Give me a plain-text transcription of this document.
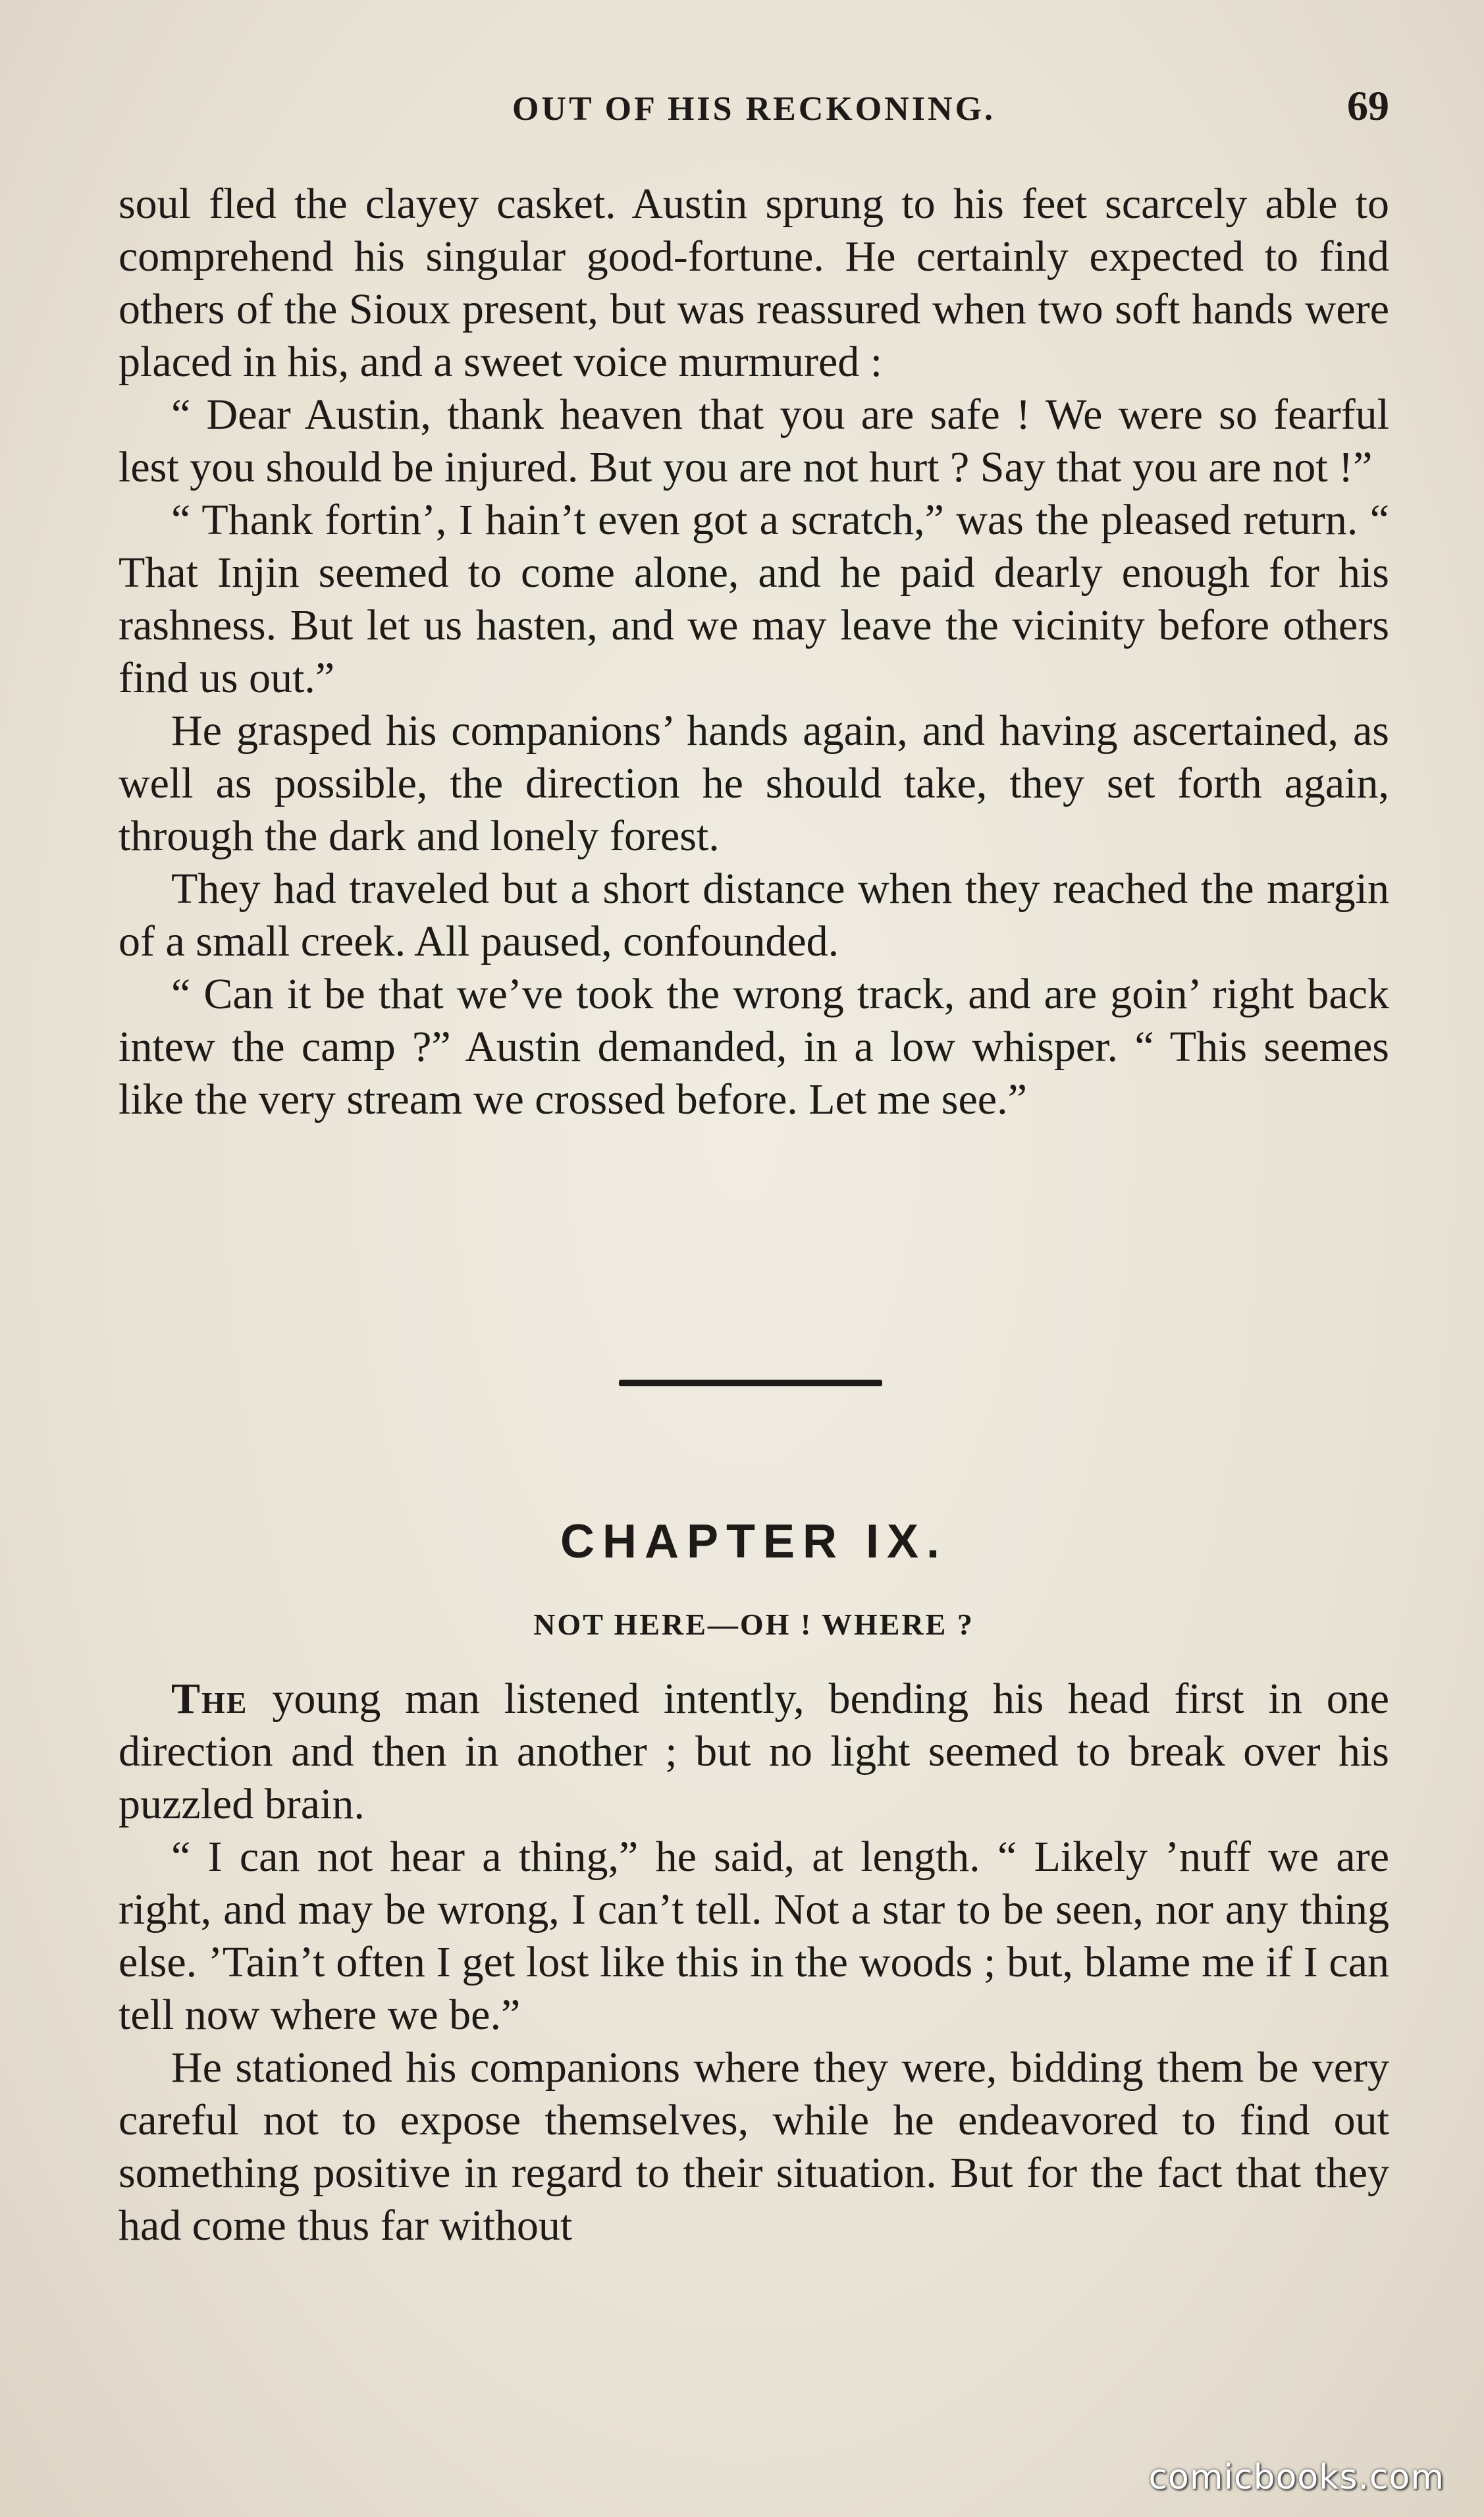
OUT OF HIS RECKONING.	69

soul fled the clayey casket. Austin sprung to his feet scarcely able to comprehend his singular good-fortune. He certainly expected to find others of the Sioux present, but was reassured when two soft hands were placed in his, and a sweet voice murmured :

“ Dear Austin, thank heaven that you are safe ! We were so fearful lest you should be injured. But you are not hurt ? Say that you are not !”

“ Thank fortin’, I hain’t even got a scratch,” was the pleased return. “ That Injin seemed to come alone, and he paid dearly enough for his rashness. But let us hasten, and we may leave the vicinity before others find us out.”

He grasped his companions’ hands again, and having ascertained, as well as possible, the direction he should take, they set forth again, through the dark and lonely forest.

They had traveled but a short distance when they reached the margin of a small creek. All paused, confounded.

“ Can it be that we’ve took the wrong track, and are goin’ right back intew the camp ?” Austin demanded, in a low whisper. “ This seemes like the very stream we crossed before. Let me see.”

CHAPTER IX.
NOT HERE—OH ! WHERE ?

The young man listened intently, bending his head first in one direction and then in another ; but no light seemed to break over his puzzled brain.

“ I can not hear a thing,” he said, at length. “ Likely ’nuff we are right, and may be wrong, I can’t tell. Not a star to be seen, nor any thing else. ’Tain’t often I get lost like this in the woods ; but, blame me if I can tell now where we be.”

He stationed his companions where they were, bidding them be very careful not to expose themselves, while he endeavored to find out something positive in regard to their situation. But for the fact that they had come thus far without

comicbooks.com
